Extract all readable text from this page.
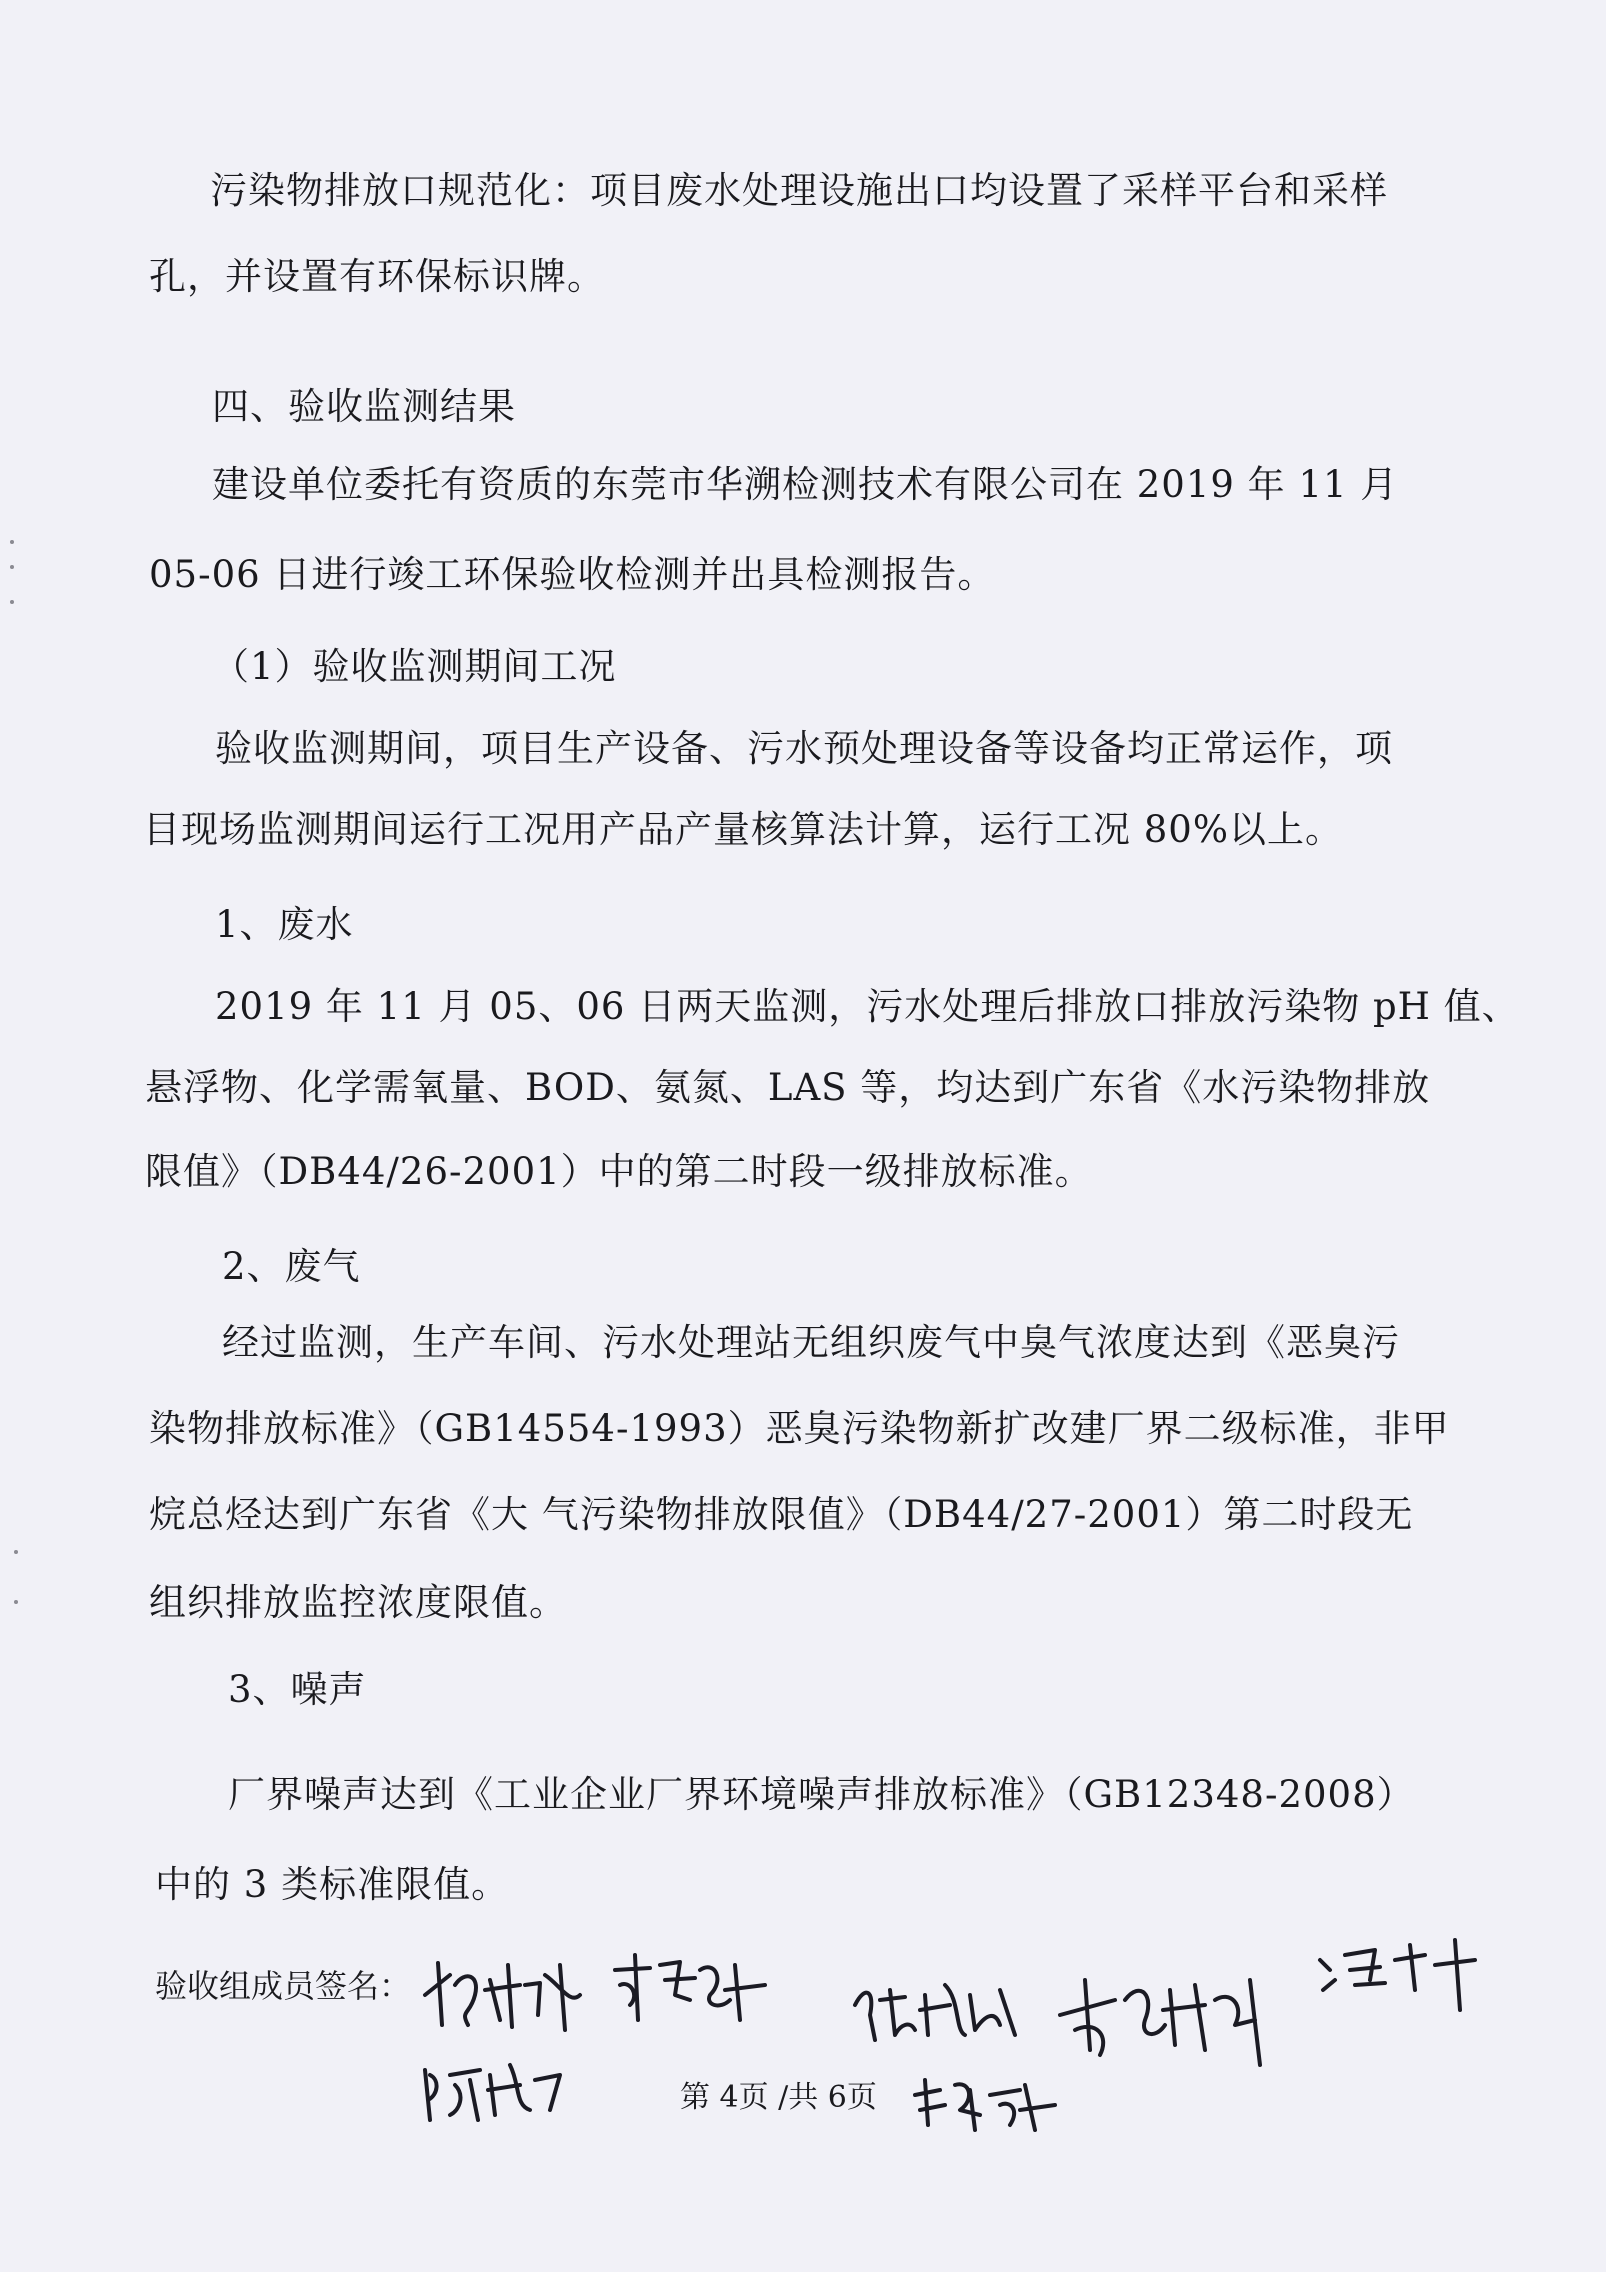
污染物排放口规范化：项目废水处理设施出口均设置了采样平台和采样
孔，并设置有环保标识牌。
四、验收监测结果
建设单位委托有资质的东莞市华溯检测技术有限公司在 2019 年 11 月
05-06 日进行竣工环保验收检测并出具检测报告。
（1）验收监测期间工况
验收监测期间，项目生产设备、污水预处理设备等设备均正常运作，项
目现场监测期间运行工况用产品产量核算法计算，运行工况 80%以上。
1、废水
2019 年 11 月 05、06 日两天监测，污水处理后排放口排放污染物 pH 值、
悬浮物、化学需氧量、BOD、氨氮、LAS 等，均达到广东省《水污染物排放
限值》（DB44/26-2001）中的第二时段一级排放标准。
2、废气
经过监测，生产车间、污水处理站无组织废气中臭气浓度达到《恶臭污
染物排放标准》（GB14554-1993）恶臭污染物新扩改建厂界二级标准，非甲
烷总烃达到广东省《大 气污染物排放限值》（DB44/27-2001）第二时段无
组织排放监控浓度限值。
3、噪声
厂界噪声达到《工业企业厂界环境噪声排放标准》（GB12348-2008）
中的 3 类标准限值。
验收组成员签名：
第 4页 /共 6页
